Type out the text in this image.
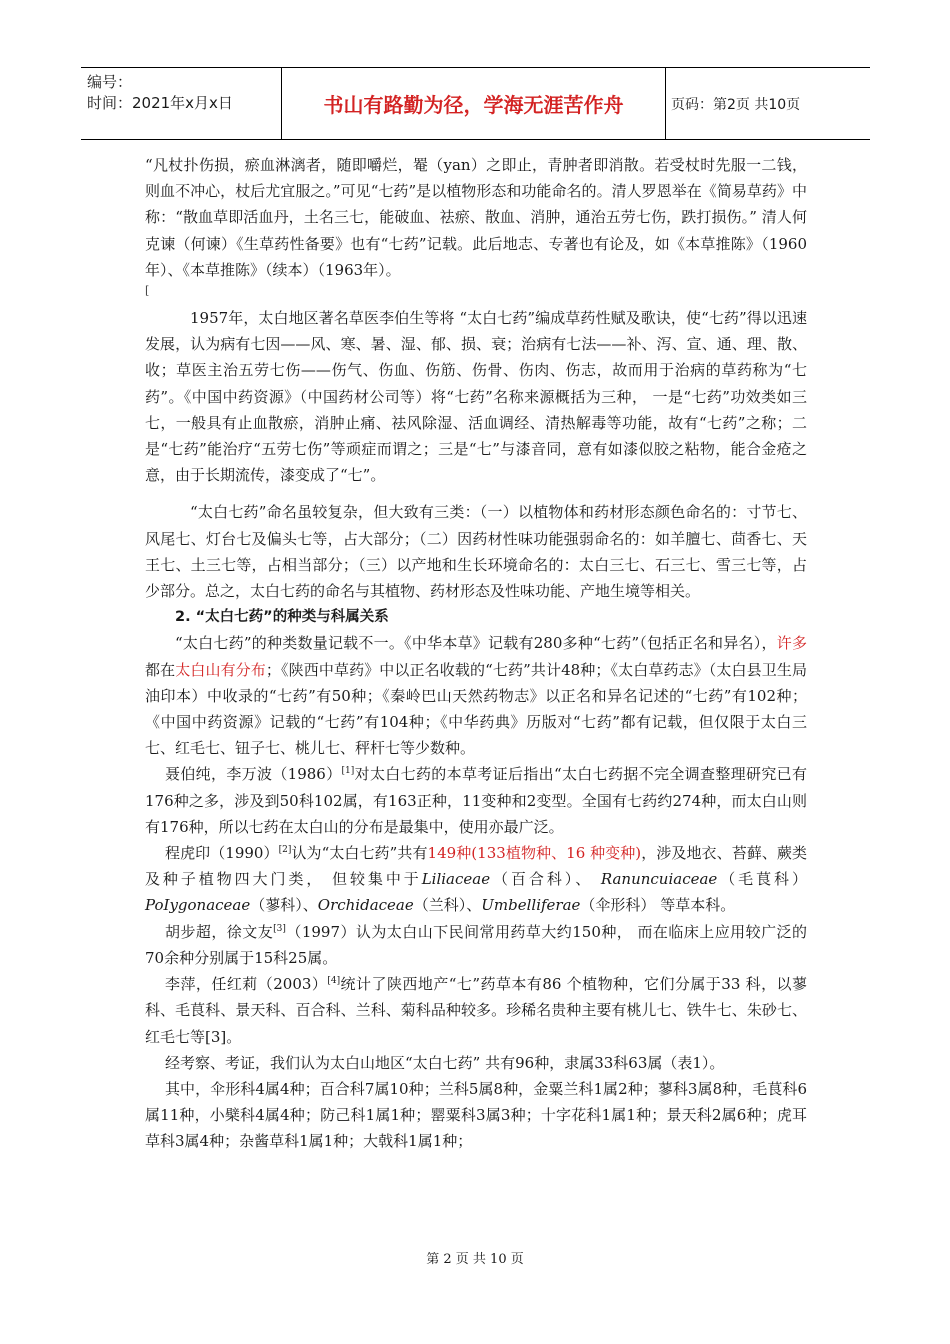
编号：
时间：2021年x月x日	书山有路勤为径，学海无涯苦作舟	页码：第2页 共10页

“凡杖扑伤损，瘀血淋漓者，随即嚼烂，罨（yan）之即止，青肿者即消散。若受杖时先服一二钱，则血不冲心，杖后尤宜服之。”可见“七药”是以植物形态和功能命名的。清人罗恩举在《简易草药》中称：“散血草即活血丹，土名三七，能破血、祛瘀、散血、消肿，通治五劳七伤，跌打损伤。” 清人何克谏（何谏）《生草药性备要》也有“七药”记载。此后地志、专著也有论及，如《本草推陈》（1960年）、《本草推陈》（续本）（1963年）。

[

1957年，太白地区著名草医李伯生等将 “太白七药”编成草药性赋及歌诀，使“七药”得以迅速发展，认为病有七因——风、寒、暑、湿、郁、损、衰；治病有七法——补、泻、宣、通、理、散、收；草医主治五劳七伤——伤气、伤血、伤筋、伤骨、伤肉、伤志，故而用于治病的草药称为“七药”。《中国中药资源》（中国药材公司等）将“七药”名称来源概括为三种， 一是“七药”功效类如三七，一般具有止血散瘀，消肿止痛、祛风除湿、活血调经、清热解毒等功能，故有“七药”之称；二是“七药”能治疗“五劳七伤”等顽症而谓之；三是“七”与漆音同，意有如漆似胶之粘物，能合金疮之意，由于长期流传，漆变成了“七”。

“太白七药”命名虽较复杂，但大致有三类：（一）以植物体和药材形态颜色命名的：寸节七、风尾七、灯台七及偏头七等，占大部分；（二）因药材性味功能强弱命名的：如羊膻七、茴香七、天王七、土三七等，占相当部分；（三）以产地和生长环境命名的：太白三七、石三七、雪三七等，占少部分。总之，太白七药的命名与其植物、药材形态及性味功能、产地生境等相关。

2. “太白七药”的种类与科属关系

“太白七药”的种类数量记载不一。《中华本草》记载有280多种“七药”（包括正名和异名），许多都在太白山有分布；《陕西中草药》中以正名收载的“七药”共计48种；《太白草药志》（太白县卫生局油印本）中收录的“七药”有50种；《秦岭巴山天然药物志》以正名和异名记述的“七药”有102种；《中国中药资源》记载的“七药”有104种；《中华药典》历版对“七药”都有记载，但仅限于太白三七、红毛七、钮子七、桃儿七、秤杆七等少数种。

聂伯纯，李万波（1986）[1]对太白七药的本草考证后指出“太白七药据不完全调查整理研究已有176种之多，涉及到50科102属，有163正种，11变种和2变型。全国有七药约274种，而太白山则有176种，所以七药在太白山的分布是最集中，使用亦最广泛。

程虎印（1990）[2]认为“太白七药”共有149种(133植物种、16 种变种)，涉及地衣、苔藓、蕨类及种子植物四大门类， 但较集中于Liliaceae（百合科）、 Ranuncuiaceae（毛茛科）PoIygonaceae（蓼科）、Orchidaceae（兰科）、Umbelliferae（伞形科） 等草本科。

胡步超，徐文友[3]（1997）认为太白山下民间常用药草大约150种， 而在临床上应用较广泛的70余种分别属于15科25属。

李萍，任红莉（2003）[4]统计了陕西地产“七”药草本有86 个植物种，它们分属于33 科，以蓼科、毛茛科、景天科、百合科、兰科、菊科品种较多。珍稀名贵种主要有桃儿七、铁牛七、朱砂七、红毛七等[3]。

经考察、考证，我们认为太白山地区“太白七药” 共有96种，隶属33科63属（表1）。

其中，伞形科4属4种；百合科7属10种；兰科5属8种，金粟兰科1属2种；蓼科3属8种，毛茛科6属11种，小檗科4属4种；防己科1属1种；罂粟科3属3种；十字花科1属1种；景天科2属6种；虎耳草科3属4种；杂酱草科1属1种；大戟科1属1种；

第 2 页 共 10 页
